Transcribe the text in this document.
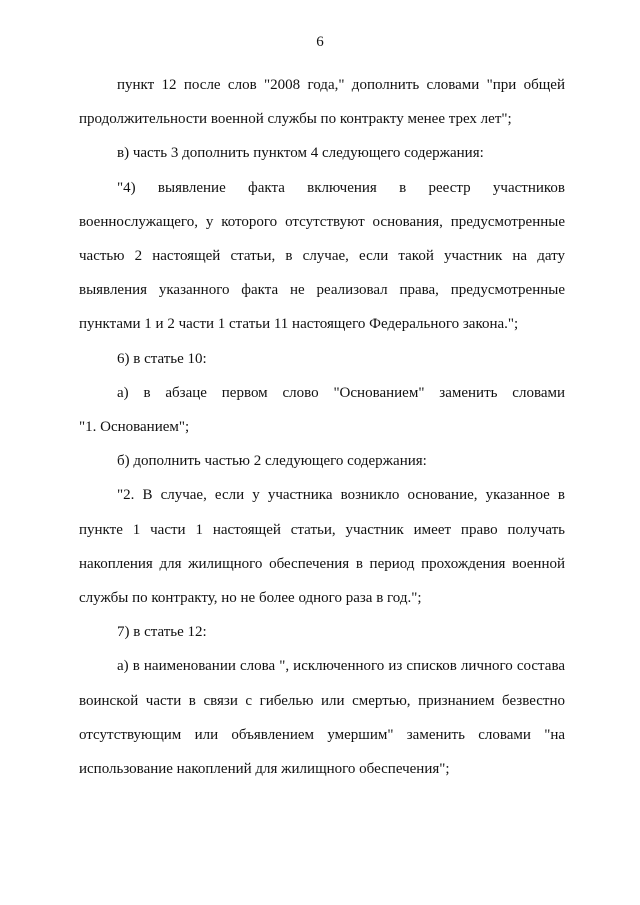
6
пункт 12 после слов "2008 года," дополнить словами "при общей
продолжительности военной службы по контракту менее трех лет";
в) часть 3 дополнить пунктом 4 следующего содержания:
"4) выявление факта включения в реестр участников
военнослужащего, у которого отсутствуют основания, предусмотренные
частью 2 настоящей статьи, в случае, если такой участник на дату
выявления указанного факта не реализовал права, предусмотренные
пунктами 1 и 2 части 1 статьи 11 настоящего Федерального закона.";
6) в статье 10:
а) в абзаце первом слово "Основанием" заменить словами
"1. Основанием";
б) дополнить частью 2 следующего содержания:
"2. В случае, если у участника возникло основание, указанное в
пункте 1 части 1 настоящей статьи, участник имеет право получать
накопления для жилищного обеспечения в период прохождения военной
службы по контракту, но не более одного раза в год.";
7) в статье 12:
а) в наименовании слова ", исключенного из списков личного состава
воинской части в связи с гибелью или смертью, признанием безвестно
отсутствующим или объявлением умершим" заменить словами "на
использование накоплений для жилищного обеспечения";
